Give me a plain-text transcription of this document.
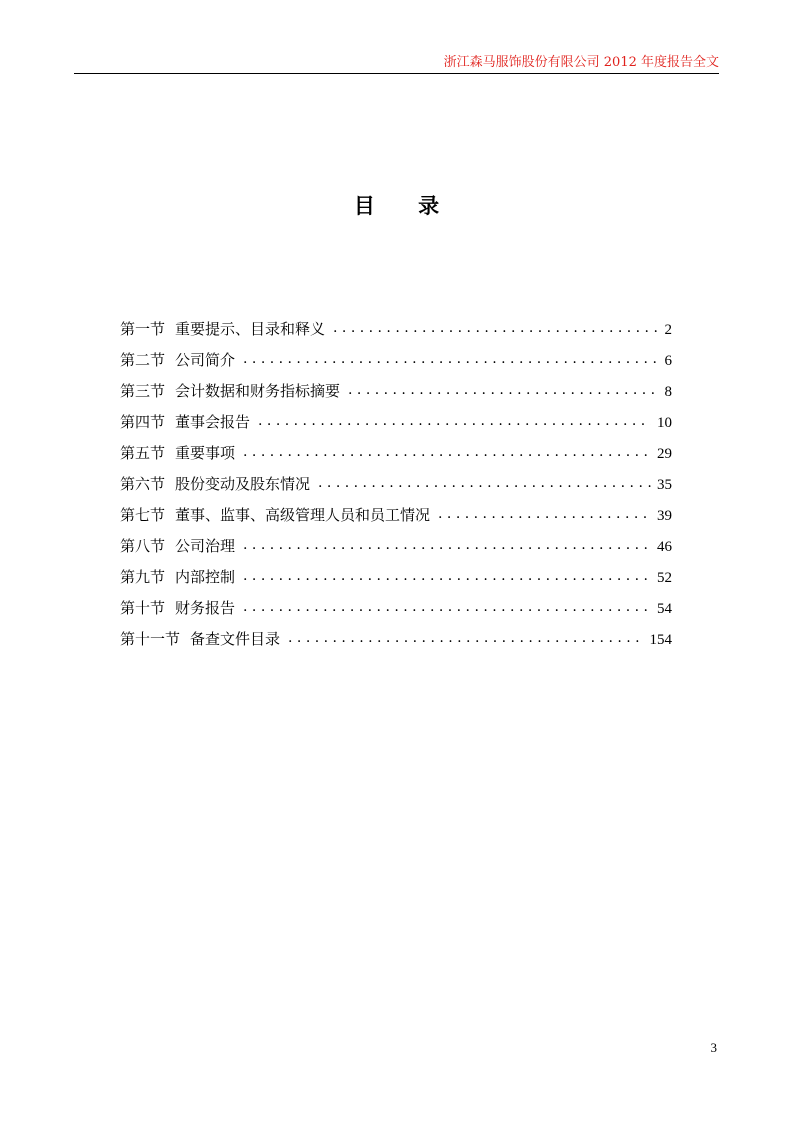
浙江森马服饰股份有限公司 2012 年度报告全文
目 录
第一节 重要提示、目录和释义 . . .	2
第二节 公司简介 . . .	6
第三节 会计数据和财务指标摘要 . . .	8
第四节 董事会报告 . . .	10
第五节 重要事项 . . .	29
第六节 股份变动及股东情况 . . .	35
第七节 董事、监事、高级管理人员和员工情况 . . .	39
第八节 公司治理 . . .	46
第九节 内部控制 . . .	52
第十节 财务报告 . . .	54
第十一节 备查文件目录 . . .	154
3
